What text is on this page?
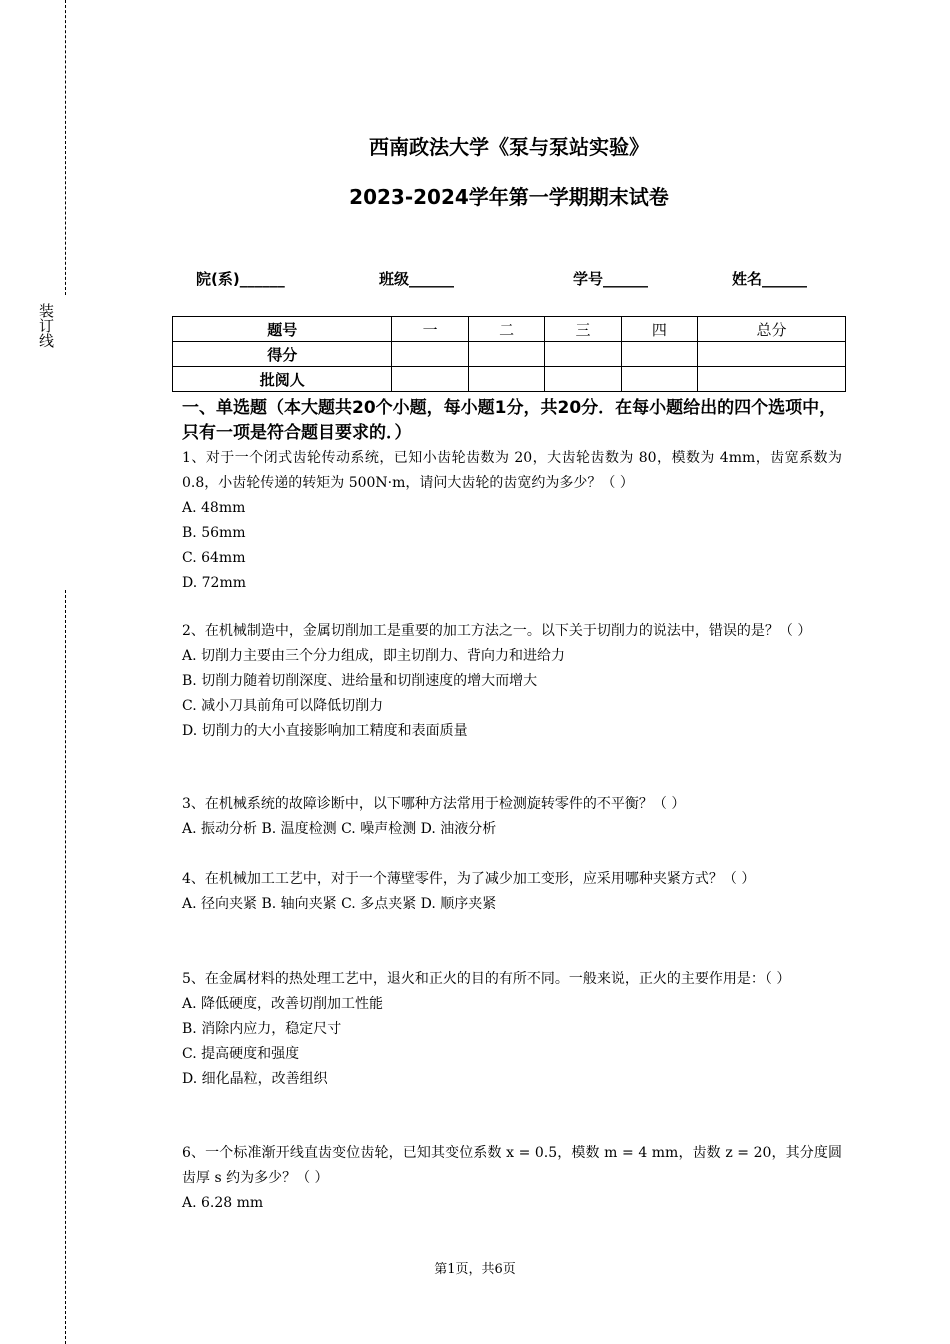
装订线
西南政法大学《泵与泵站实验》
2023-2024学年第一学期期末试卷
院(系)______	班级______	学号______	姓名______
题号	一	二	三	四	总分
得分					
批阅人					
一、单选题（本大题共20个小题，每小题1分，共20分．在每小题给出的四个选项中，只有一项是符合题目要求的．）
1、对于一个闭式齿轮传动系统，已知小齿轮齿数为 20，大齿轮齿数为 80，模数为 4mm，齿宽系数为 0.8，小齿轮传递的转矩为 500N·m，请问大齿轮的齿宽约为多少？（ ）
A. 48mm
B. 56mm
C. 64mm
D. 72mm
2、在机械制造中，金属切削加工是重要的加工方法之一。以下关于切削力的说法中，错误的是？（ ）
A. 切削力主要由三个分力组成，即主切削力、背向力和进给力
B. 切削力随着切削深度、进给量和切削速度的增大而增大
C. 减小刀具前角可以降低切削力
D. 切削力的大小直接影响加工精度和表面质量
3、在机械系统的故障诊断中，以下哪种方法常用于检测旋转零件的不平衡？（ ）
A. 振动分析 B. 温度检测 C. 噪声检测 D. 油液分析
4、在机械加工工艺中，对于一个薄壁零件，为了减少加工变形，应采用哪种夹紧方式？（ ）
A. 径向夹紧 B. 轴向夹紧 C. 多点夹紧 D. 顺序夹紧
5、在金属材料的热处理工艺中，退火和正火的目的有所不同。一般来说，正火的主要作用是：（ ）
A. 降低硬度，改善切削加工性能
B. 消除内应力，稳定尺寸
C. 提高硬度和强度
D. 细化晶粒，改善组织
6、一个标准渐开线直齿变位齿轮，已知其变位系数 x = 0.5，模数 m = 4 mm，齿数 z = 20，其分度圆齿厚 s 约为多少？（ ）
A. 6.28 mm
第1页，共6页
